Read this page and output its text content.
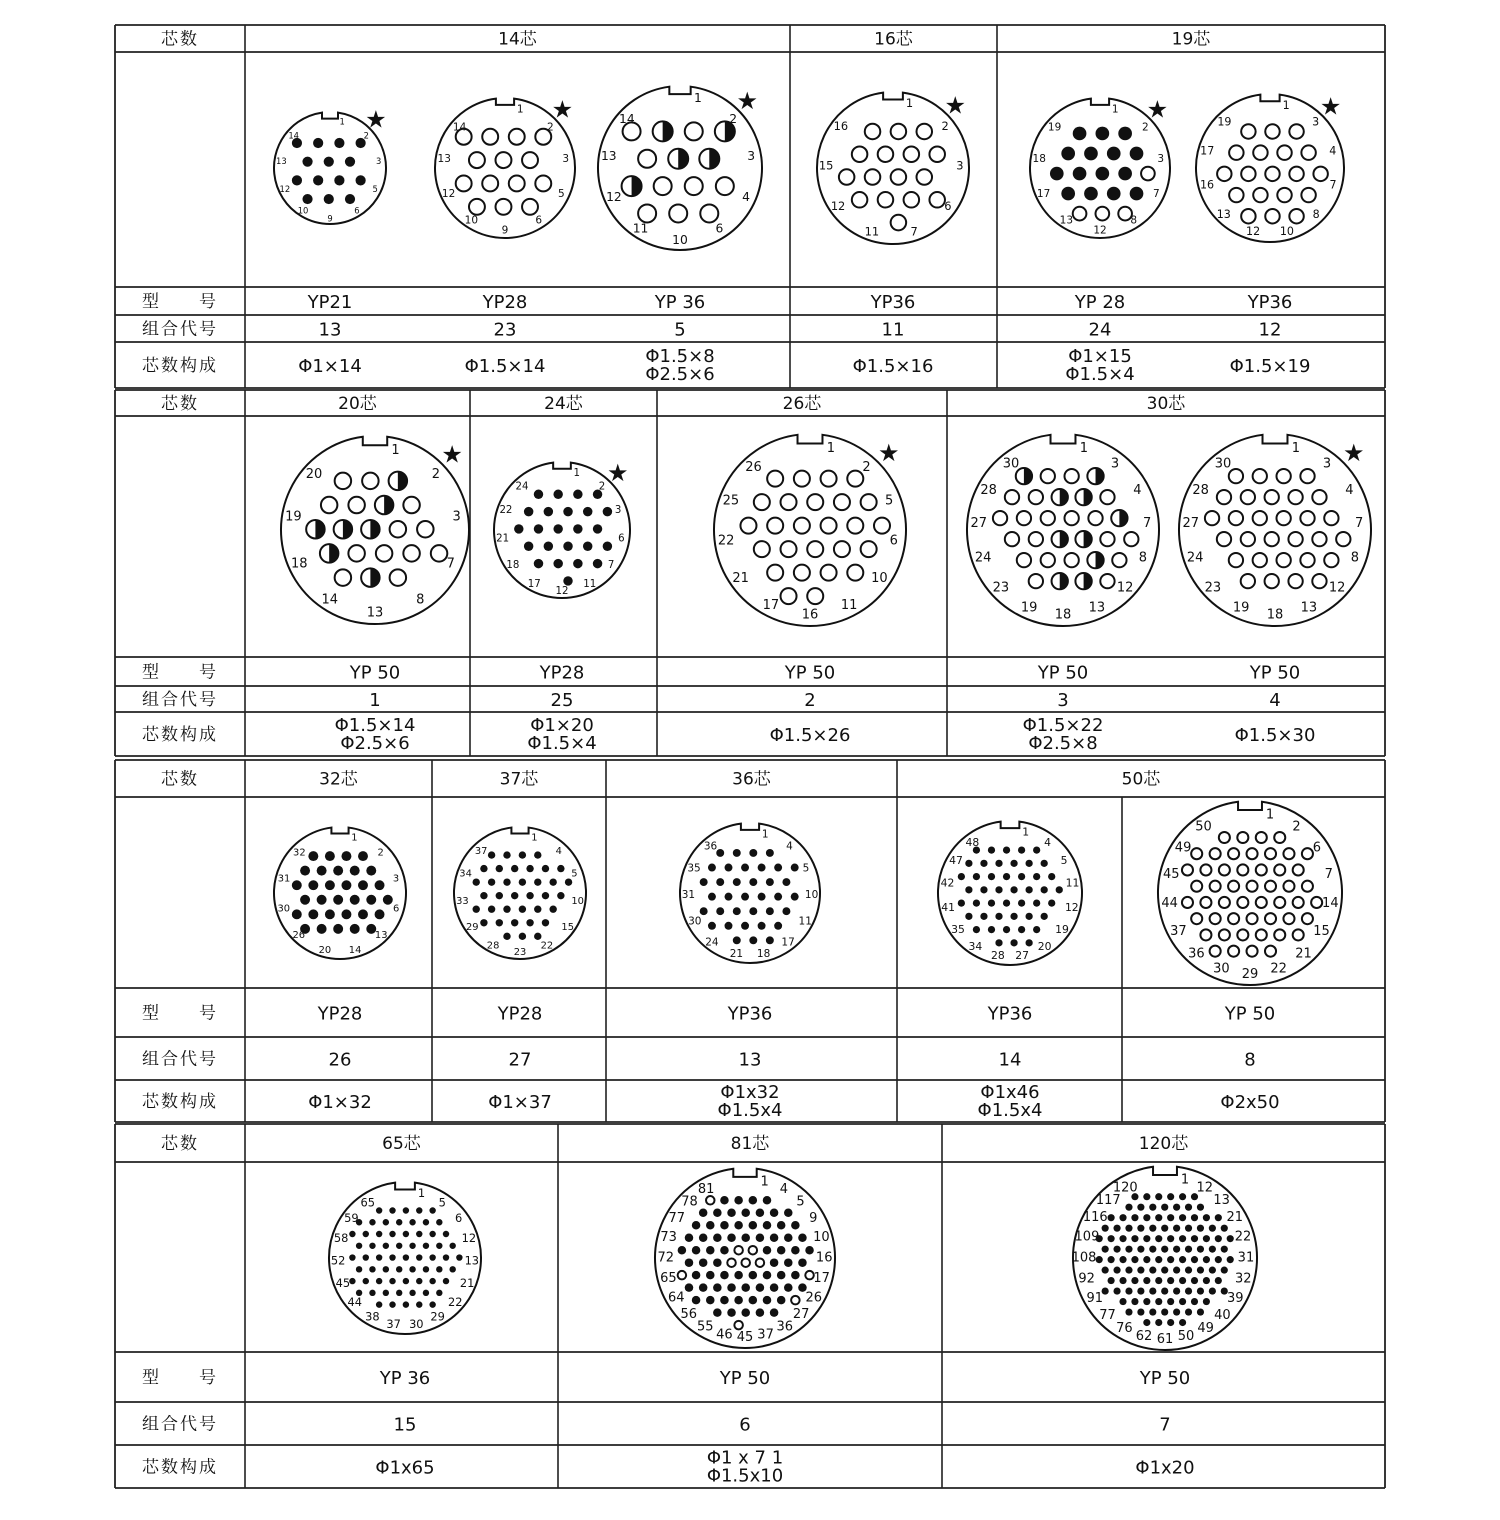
芯数
型　　号
组合代号
芯数构成
14芯
1
2
3
5
6
9
10
12
13
14
★
YP21
13
Φ1×14
1
2
3
5
6
9
10
12
13
14
★
YP28
23
Φ1.5×14
1
2
3
4
6
10
11
12
13
14
★
YP 36
5
Φ1.5×8
Φ2.5×6
16芯
1
2
3
6
7
11
12
15
16
★
YP36
11
Φ1.5×16
19芯
1
2
3
7
8
12
13
17
18
19
★
YP 28
24
Φ1×15
Φ1.5×4
1
3
4
7
8
10
12
13
16
17
19
★
YP36
12
Φ1.5×19
芯数
型　　号
组合代号
芯数构成
20芯
1
2
3
7
8
13
14
18
19
20
★
YP 50
1
Φ1.5×14
Φ2.5×6
24芯
1
2
3
6
7
11
12
17
18
21
22
24	★
YP28
25
Φ1×20
Φ1.5×4
26芯
1
2
5
6
10
11
16
17
21
22
25
26
★
YP 50
2
Φ1.5×26
30芯
1
3
4
7
8
12
13
18
19
23
24
27
28
30
YP 50
3
Φ1.5×22
Φ2.5×8
1
3
4
7
8
12
13
18
19
23
24
27
28
30	★
YP 50
4
Φ1.5×30
芯数
型　　号
组合代号
芯数构成
32芯
1
2
3
6
13
14
20
26
30
31
32
YP28
26
Φ1×32
37芯
1
4
5
10
15
22
23
28
29
33
34
37
YP28
27
Φ1×37
36芯
1
4
5
10
11
17
18
21
24
30
31
35
36
YP36
13
Φ1x32
Φ1.5x4
50芯
1
4
5
11
12
19
20
27
28
34
35
41
42
47
48
YP36
14
Φ1x46
Φ1.5x4
1
2
6
7
14
15
21
22
29
30
36
37
44
45
49
50
YP 50
8
Φ2x50
芯数
型　　号
组合代号
芯数构成
65芯
1
5
6
12
13
21
22
29
30
37
38
44
45
52
58
59
65
YP 36
15
Φ1x65
81芯
1
4
5
9
10
16
17
26
27
36
37
45
46
55
56
64
65
72
73
77
78
81
YP 50
6
Φ1 x 7 1
Φ1.5x10
120芯
1
12
13
21
22
31
32
39
40
49
50
61
62
76
77
91
92
108
109
116
117
120
YP 50
7
Φ1x20
